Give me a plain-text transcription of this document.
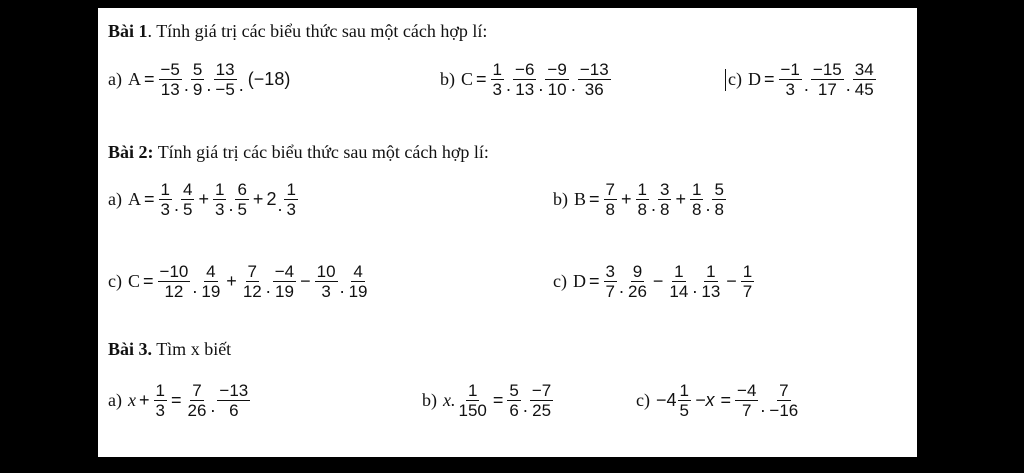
Bài 1. Tính giá trị các biểu thức sau một cách hợp lí:
a) $A = \frac{-5}{13}$ . $\frac{5}{9}$ . $\frac{13}{-5}$ . (−18)	b) $C = \frac{1}{3}$ . $\frac{-6}{13}$ . $\frac{-9}{10}$ . $\frac{-13}{36}$	c) $D = \frac{-1}{3}$ . $\frac{-15}{17}$ . $\frac{34}{45}$
Bài 2: Tính giá trị các biểu thức sau một cách hợp lí:
a) $A = \frac{1}{3}$ . $\frac{4}{5} + \frac{1}{3}$ . $\frac{6}{5} + 2$ . $\frac{1}{3}$	b) $B = \frac{7}{8} + \frac{1}{8}$ . $\frac{3}{8} + \frac{1}{8}$ . $\frac{5}{8}$
c) $C = \frac{-10}{12}$ . $\frac{4}{19} + \frac{7}{12}$ . $\frac{-4}{19} - \frac{10}{3}$ . $\frac{4}{19}$	c) $D = \frac{3}{7}$ . $\frac{9}{26} - \frac{1}{14}$ . $\frac{1}{13} - \frac{1}{7}$
Bài 3. Tìm x biết
a) $x + \frac{1}{3} = \frac{7}{26}$ . $\frac{-13}{6}$	b) x. $\frac{1}{150} = \frac{5}{6}$ . $\frac{-7}{25}$	$c) -4 \frac{1}{5} -x = \frac{-4}{7}$ . $\frac{7}{-16}$
